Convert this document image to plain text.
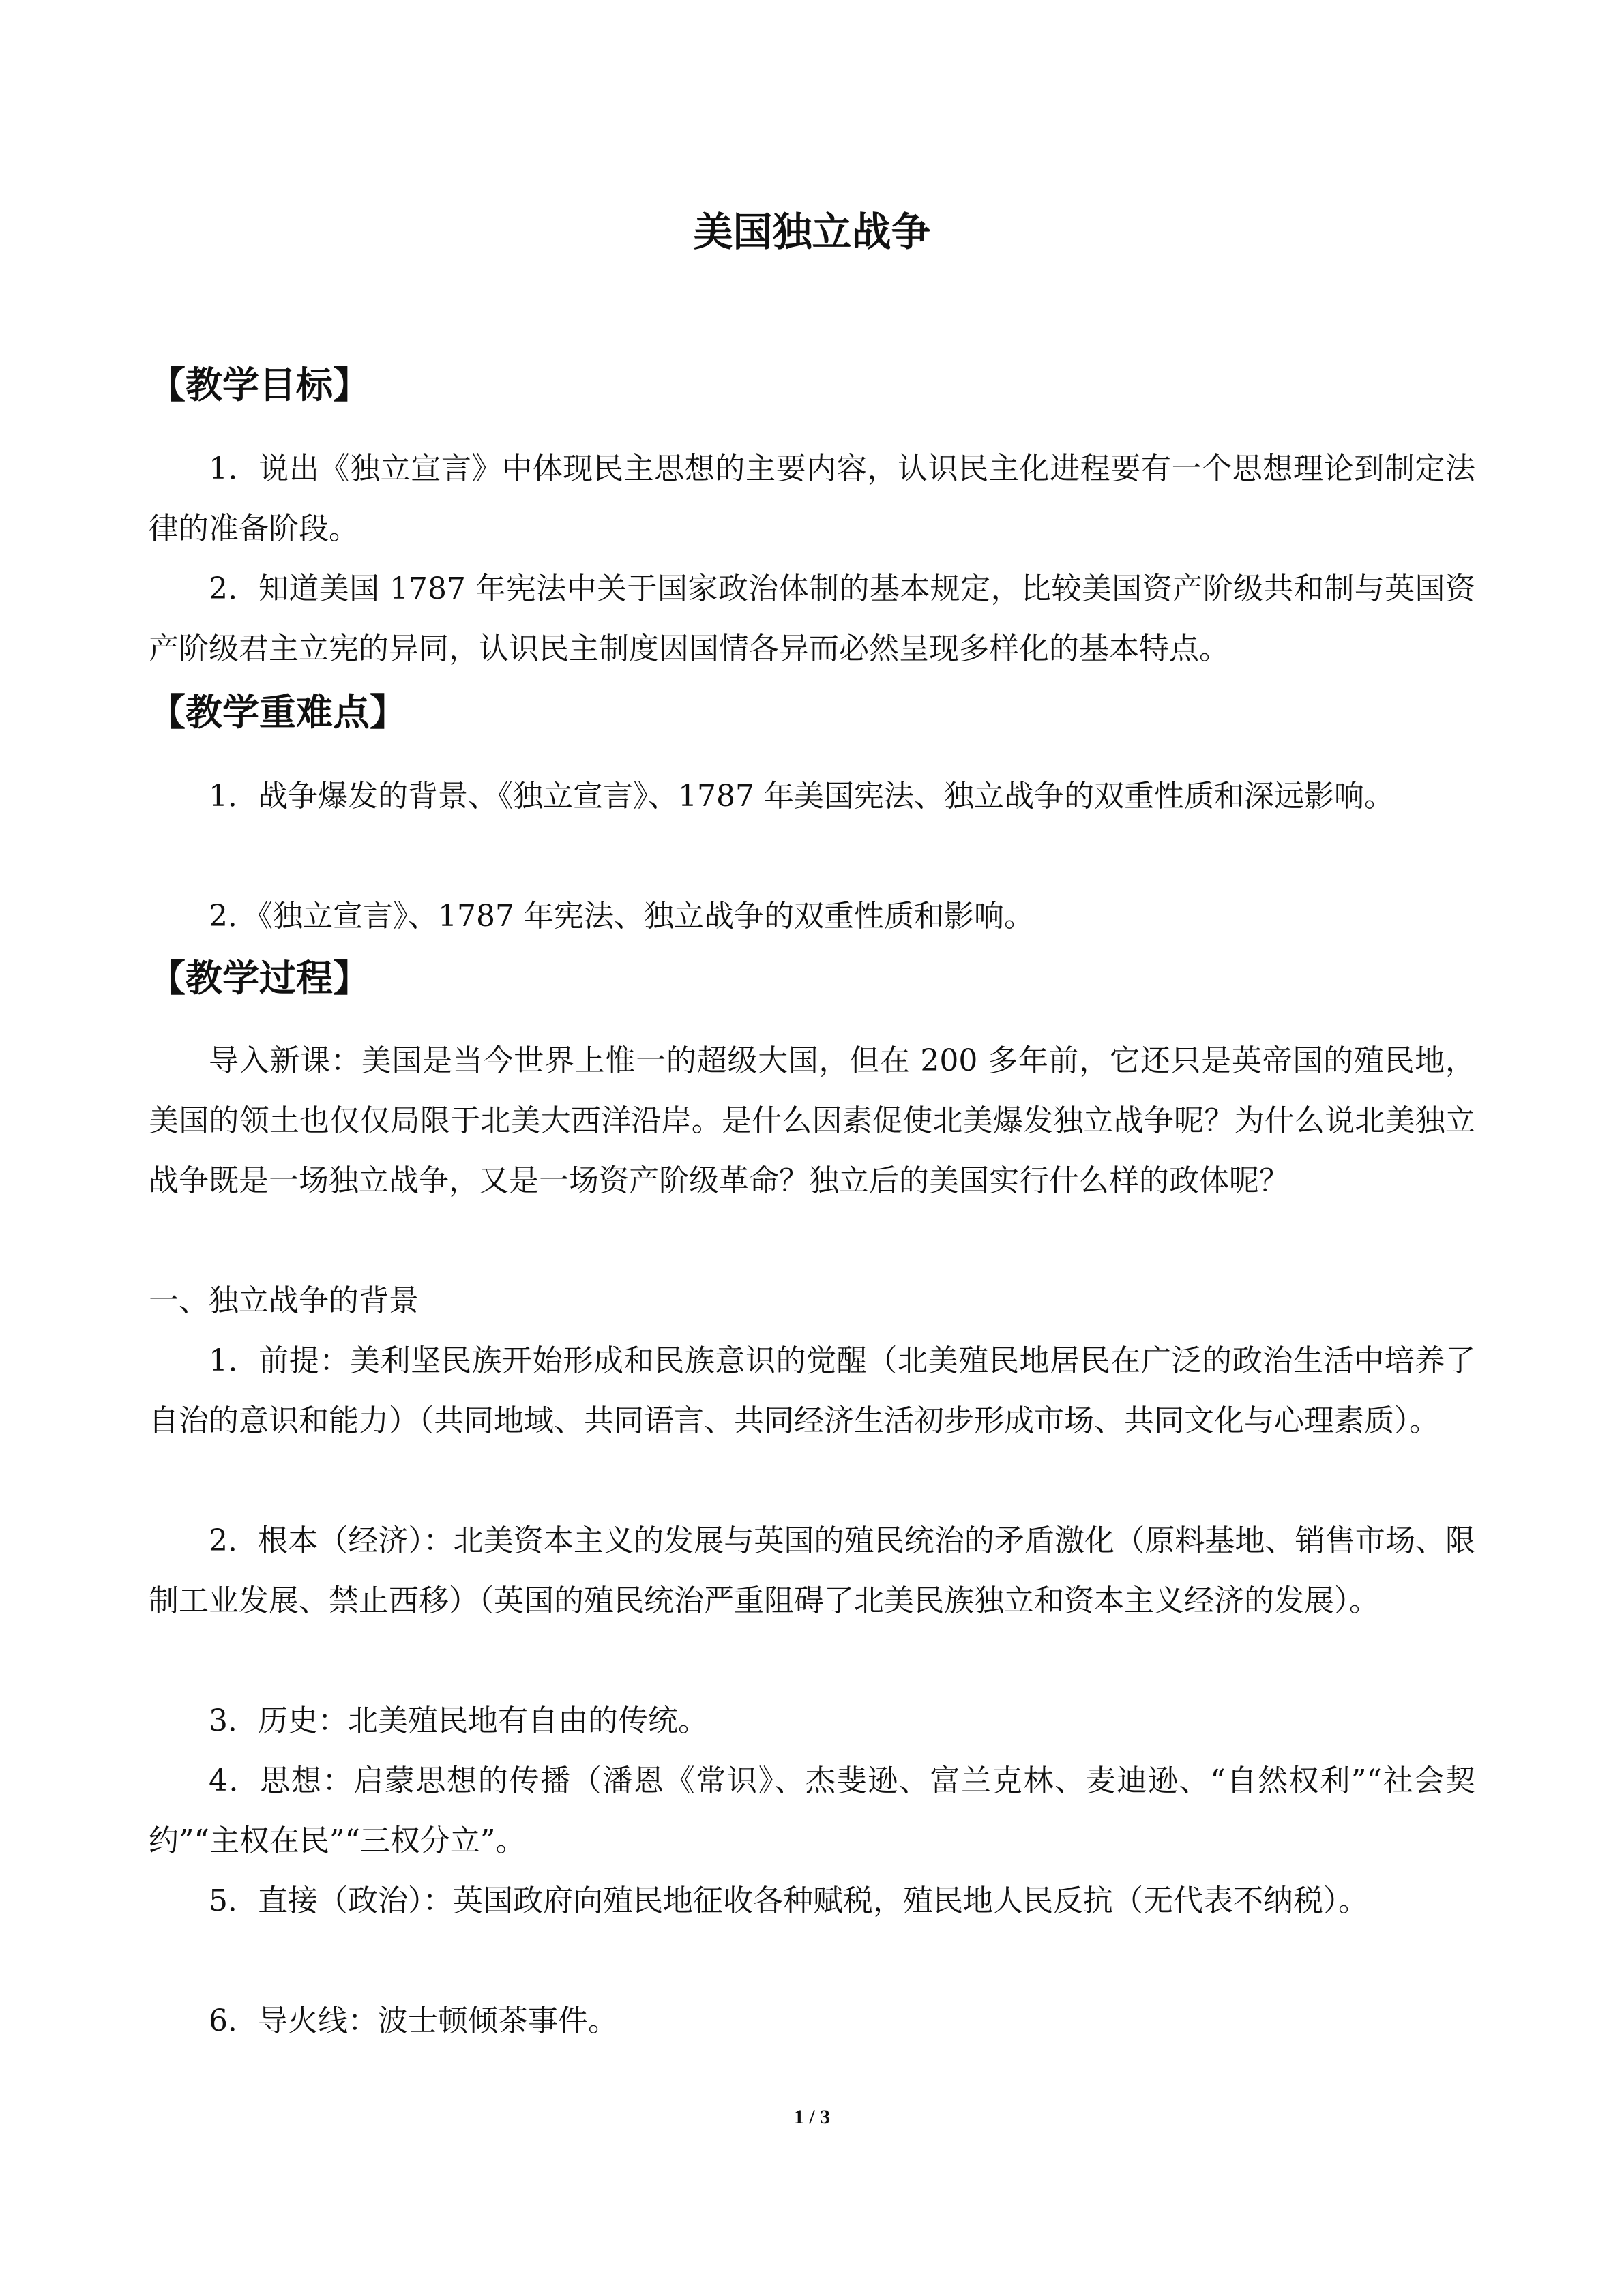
美国独立战争
【教学目标】
1．说出《独立宣言》中体现民主思想的主要内容，认识民主化进程要有一个思想理论到制定法律的准备阶段。
2．知道美国 1787 年宪法中关于国家政治体制的基本规定，比较美国资产阶级共和制与英国资产阶级君主立宪的异同，认识民主制度因国情各异而必然呈现多样化的基本特点。
【教学重难点】
1．战争爆发的背景、《独立宣言》、1787 年美国宪法、独立战争的双重性质和深远影响。
2．《独立宣言》、1787 年宪法、独立战争的双重性质和影响。
【教学过程】
导入新课：美国是当今世界上惟一的超级大国，但在 200 多年前，它还只是英帝国的殖民地，美国的领土也仅仅局限于北美大西洋沿岸。是什么因素促使北美爆发独立战争呢？为什么说北美独立战争既是一场独立战争，又是一场资产阶级革命？独立后的美国实行什么样的政体呢？
一、独立战争的背景
1．前提：美利坚民族开始形成和民族意识的觉醒（北美殖民地居民在广泛的政治生活中培养了自治的意识和能力）（共同地域、共同语言、共同经济生活初步形成市场、共同文化与心理素质）。
2．根本（经济）：北美资本主义的发展与英国的殖民统治的矛盾激化（原料基地、销售市场、限制工业发展、禁止西移）（英国的殖民统治严重阻碍了北美民族独立和资本主义经济的发展）。
3．历史：北美殖民地有自由的传统。
4．思想：启蒙思想的传播（潘恩《常识》、杰斐逊、富兰克林、麦迪逊、“自然权利”“社会契约”“主权在民”“三权分立”。
5．直接（政治）：英国政府向殖民地征收各种赋税，殖民地人民反抗（无代表不纳税）。
6．导火线：波士顿倾茶事件。
1 / 3
